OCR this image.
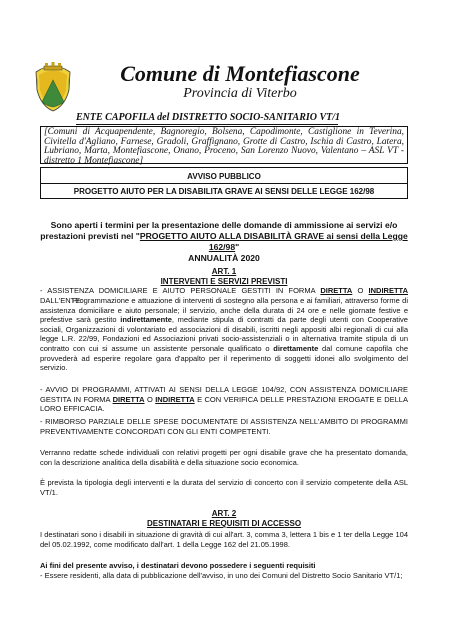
Comune di Montefiascone
Provincia di Viterbo
ENTE CAPOFILA del DISTRETTO SOCIO-SANITARIO VT/1
[Comuni di Acquapendente, Bagnoregio, Bolsena, Capodimonte, Castiglione in Teverina, Civitella d'Agliano, Farnese, Gradoli, Graffignano, Grotte di Castro, Ischia di Castro, Latera, Lubriano, Marta, Montefiascone, Onano, Proceno, San Lorenzo Nuovo, Valentano – ASL VT - distretto 1 Montefiascone]
AVVISO PUBBLICO
PROGETTO AIUTO PER LA DISABILITA GRAVE AI SENSI DELLE LEGGE 162/98
Sono aperti i termini per la presentazione delle domande di ammissione ai servizi e/o prestazioni previsti nel "PROGETTO AIUTO ALLA DISABILITÀ GRAVE ai sensi della Legge 162/98"
ANNUALITÀ 2020
ART. 1
INTERVENTI E SERVIZI PREVISTI
- ASSISTENZA DOMICILIARE E AIUTO PERSONALE GESTITI IN FORMA DIRETTA O INDIRETTA DALL'ENTE:
Programmazione e attuazione di interventi di sostegno alla persona e ai familiari, attraverso forme di assistenza domiciliare e aiuto personale; il servizio, anche della durata di 24 ore e nelle giornate festive e prefestive sarà gestito indirettamente, mediante stipula di contratti da parte degli utenti con Cooperative sociali, Organizzazioni di volontariato ed associazioni di disabili, iscritti negli appositi albi regionali di cui alla legge L.R. 22/99, Fondazioni ed Associazioni privati socio-assistenziali o in alternativa tramite stipula di un contratto con cui si assume un assistente personale qualificato o direttamente dal comune capofila che provvederà ad esperire regolare gara d'appalto per il reperimento di soggetti idonei allo svolgimento del servizio.
- AVVIO DI PROGRAMMI, ATTIVATI AI SENSI DELLA LEGGE 104/92, CON ASSISTENZA DOMICILIARE GESTITA IN FORMA DIRETTA O INDIRETTA E CON VERIFICA DELLE PRESTAZIONI EROGATE E DELLA LORO EFFICACIA.
- RIMBORSO PARZIALE DELLE SPESE DOCUMENTATE DI ASSISTENZA NELL'AMBITO DI PROGRAMMI PREVENTIVAMENTE CONCORDATI CON GLI ENTI COMPETENTI.
Verranno redatte schede individuali con relativi progetti per ogni disabile grave che ha presentato domanda, con la descrizione analitica della disabilità e della situazione socio economica.
È prevista la tipologia degli interventi e la durata del servizio di concerto con il servizio competente della ASL VT/1.
ART. 2
DESTINATARI E REQUISITI DI ACCESSO
I destinatari sono i disabili in situazione di gravità di cui all'art. 3, comma 3, lettera 1 bis e 1 ter della Legge 104 del 05.02.1992, come modificato dall'art. 1 della Legge 162 del 21.05.1998.
Ai fini del presente avviso, i destinatari devono possedere i seguenti requisiti
- Essere residenti, alla data di pubblicazione dell'avviso, in uno dei Comuni del Distretto Socio Sanitario VT/1;
